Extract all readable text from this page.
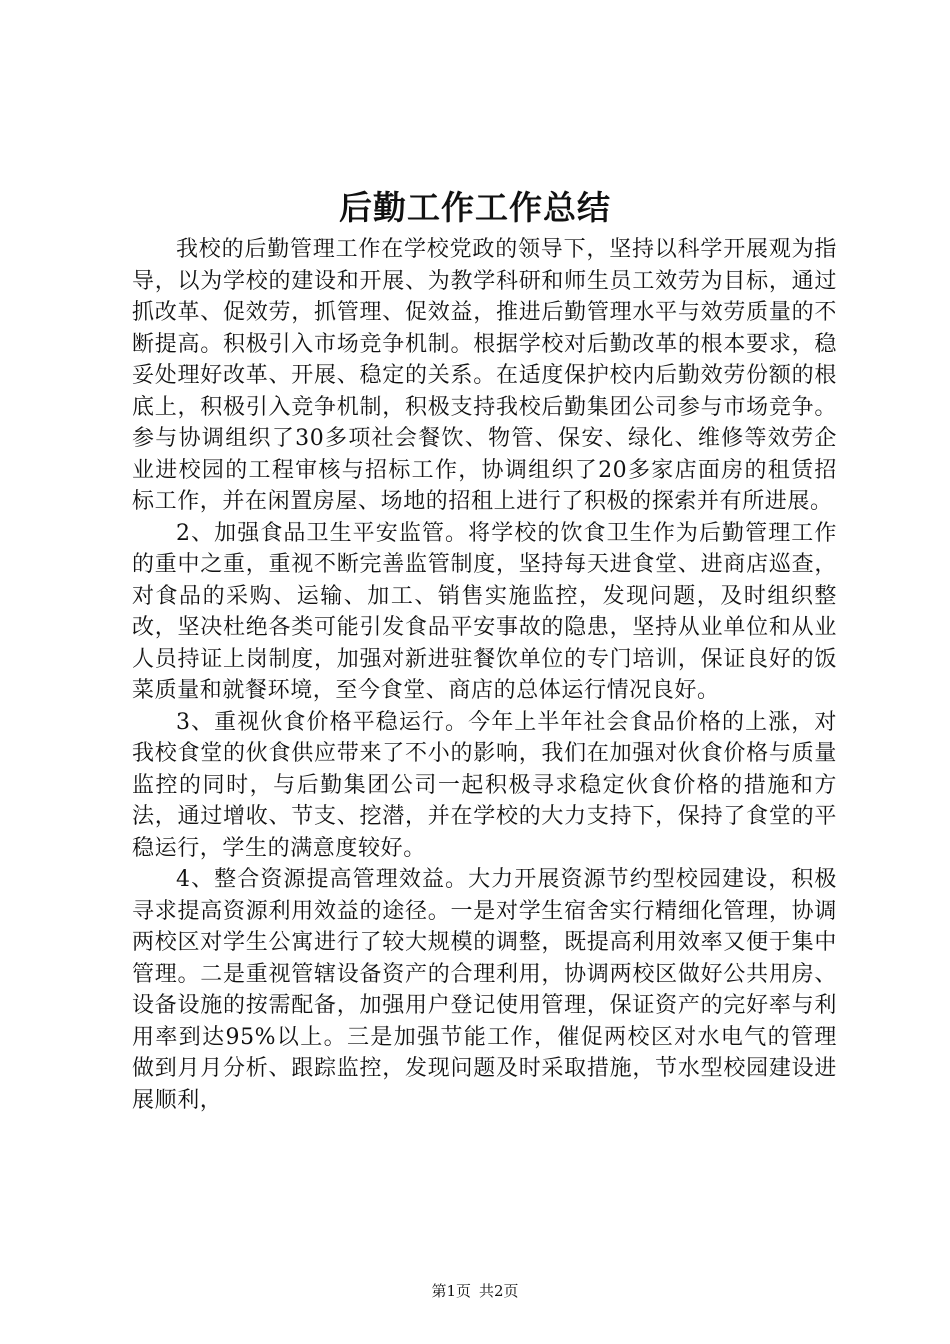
后勤工作工作总结

我校的后勤管理工作在学校党政的领导下，坚持以科学开展观为指导，以为学校的建设和开展、为教学科研和师生员工效劳为目标，通过抓改革、促效劳，抓管理、促效益，推进后勤管理水平与效劳质量的不断提高。积极引入市场竞争机制。根据学校对后勤改革的根本要求，稳妥处理好改革、开展、稳定的关系。在适度保护校内后勤效劳份额的根底上，积极引入竞争机制，积极支持我校后勤集团公司参与市场竞争。参与协调组织了30多项社会餐饮、物管、保安、绿化、维修等效劳企业进校园的工程审核与招标工作，协调组织了20多家店面房的租赁招标工作，并在闲置房屋、场地的招租上进行了积极的探索并有所进展。

2、加强食品卫生平安监管。将学校的饮食卫生作为后勤管理工作的重中之重，重视不断完善监管制度，坚持每天进食堂、进商店巡查，对食品的采购、运输、加工、销售实施监控，发现问题，及时组织整改，坚决杜绝各类可能引发食品平安事故的隐患，坚持从业单位和从业人员持证上岗制度，加强对新进驻餐饮单位的专门培训，保证良好的饭菜质量和就餐环境，至今食堂、商店的总体运行情况良好。

3、重视伙食价格平稳运行。今年上半年社会食品价格的上涨，对我校食堂的伙食供应带来了不小的影响，我们在加强对伙食价格与质量监控的同时，与后勤集团公司一起积极寻求稳定伙食价格的措施和方法，通过增收、节支、挖潜，并在学校的大力支持下，保持了食堂的平稳运行，学生的满意度较好。

4、整合资源提高管理效益。大力开展资源节约型校园建设，积极寻求提高资源利用效益的途径。一是对学生宿舍实行精细化管理，协调两校区对学生公寓进行了较大规模的调整，既提高利用效率又便于集中管理。二是重视管辖设备资产的合理利用，协调两校区做好公共用房、设备设施的按需配备，加强用户登记使用管理，保证资产的完好率与利用率到达95%以上。三是加强节能工作，催促两校区对水电气的管理做到月月分析、跟踪监控，发现问题及时采取措施，节水型校园建设进展顺利，

第1页 共2页
